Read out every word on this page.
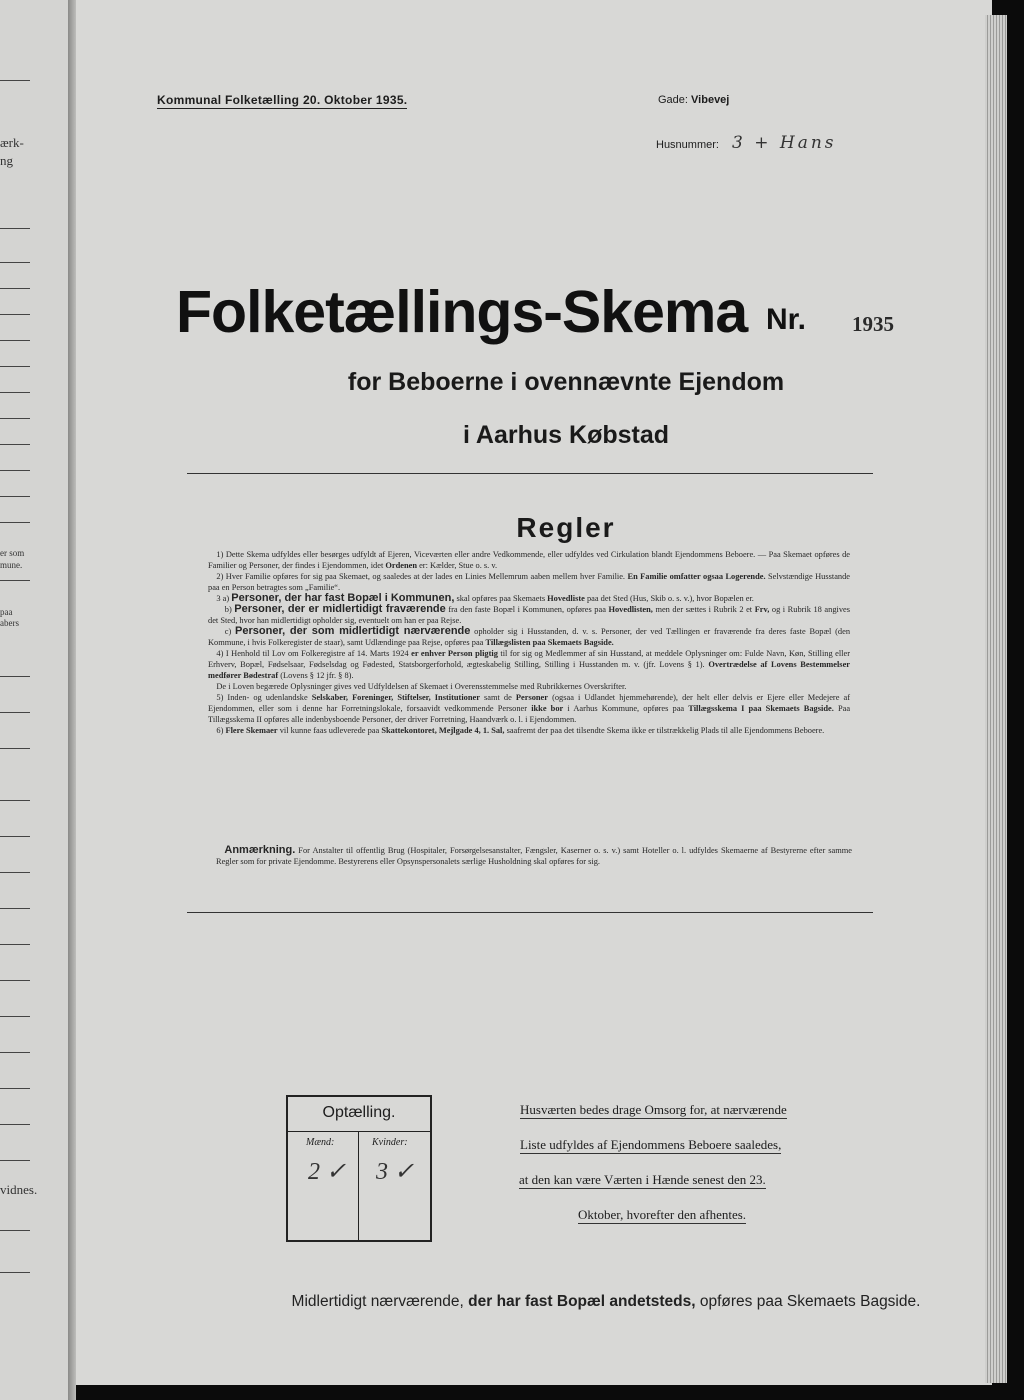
ærk-
ng
er som
mune.
paa
abers
vidnes.
Kommunal Folketælling 20. Oktober 1935.	Gade: Vibevej
Husnummer: 3 + Hans
Folketællings-Skema Nr. 1935
for Beboerne i ovennævnte Ejendom
i Aarhus Købstad
Regler

 1) Dette Skema udfyldes eller besørges udfyldt af Ejeren, Viceværten eller andre Vedkommende, eller udfyldes ved Cirkulation blandt Ejendommens Beboere. — Paa Skemaet opføres de Familier og Personer, der findes i Ejendommen, idet Ordenen er: Kælder, Stue o. s. v.

 2) Hver Familie opføres for sig paa Skemaet, og saaledes at der lades en Linies Mellemrum aaben mellem hver Familie. En Familie omfatter ogsaa Logerende. Selvstændige Husstande paa en Person betragtes som „Familie“.

 3 a) Personer, der har fast Bopæl i Kommunen, skal opføres paa Skemaets Hovedliste paa det Sted (Hus, Skib o. s. v.), hvor Bopælen er.

  b) Personer, der er midlertidigt fraværende fra den faste Bopæl i Kommunen, opføres paa Hovedlisten, men der sættes i Rubrik 2 et Frv, og i Rubrik 18 angives det Sted, hvor han midlertidigt opholder sig, eventuelt om han er paa Rejse.

  c) Personer, der som midlertidigt nærværende opholder sig i Husstanden, d. v. s. Personer, der ved Tællingen er fraværende fra deres faste Bopæl (den Kommune, i hvis Folkeregister de staar), samt Udlændinge paa Rejse, opføres paa Tillægslisten paa Skemaets Bagside.

 4) I Henhold til Lov om Folkeregistre af 14. Marts 1924 er enhver Person pligtig til for sig og Medlemmer af sin Husstand, at meddele Oplysninger om: Fulde Navn, Køn, Stilling eller Erhverv, Bopæl, Fødselsaar, Fødselsdag og Fødested, Statsborgerforhold, ægteskabelig Stilling, Stilling i Husstanden m. v. (jfr. Lovens § 1). Overtrædelse af Lovens Bestemmelser medfører Bødestraf (Lovens § 12 jfr. § 8).

 De i Loven begærede Oplysninger gives ved Udfyldelsen af Skemaet i Overensstemmelse med Rubrikkernes Overskrifter.

 5) Inden- og udenlandske Selskaber, Foreninger, Stiftelser, Institutioner samt de Personer (ogsaa i Udlandet hjemmehørende), der helt eller delvis er Ejere eller Medejere af Ejendommen, eller som i denne har Forretningslokale, forsaavidt vedkommende Personer ikke bor i Aarhus Kommune, opføres paa Tillægsskema I paa Skemaets Bagside. Paa Tillægsskema II opføres alle indenbysboende Personer, der driver Forretning, Haandværk o. l. i Ejendommen.

 6) Flere Skemaer vil kunne faas udleverede paa Skattekontoret, Mejlgade 4, 1. Sal, saafremt der paa det tilsendte Skema ikke er tilstrækkelig Plads til alle Ejendommens Beboere.

 Anmærkning. For Anstalter til offentlig Brug (Hospitaler, Forsørgelsesanstalter, Fængsler, Kaserner o. s. v.) samt Hoteller o. l. udfyldes Skemaerne af Bestyrerne efter samme Regler som for private Ejendomme. Bestyrerens eller Opsynspersonalets særlige Husholdning skal opføres for sig.

Optælling.
Mænd:	Kvinder:
2 ✓ 3 ✓
Husværten bedes drage Omsorg for, at nærværende
Liste udfyldes af Ejendommens Beboere saaledes,
at den kan være Værten i Hænde senest den 23.
Oktober, hvorefter den afhentes.
Midlertidigt nærværende, der har fast Bopæl andetsteds, opføres paa Skemaets Bagside.
